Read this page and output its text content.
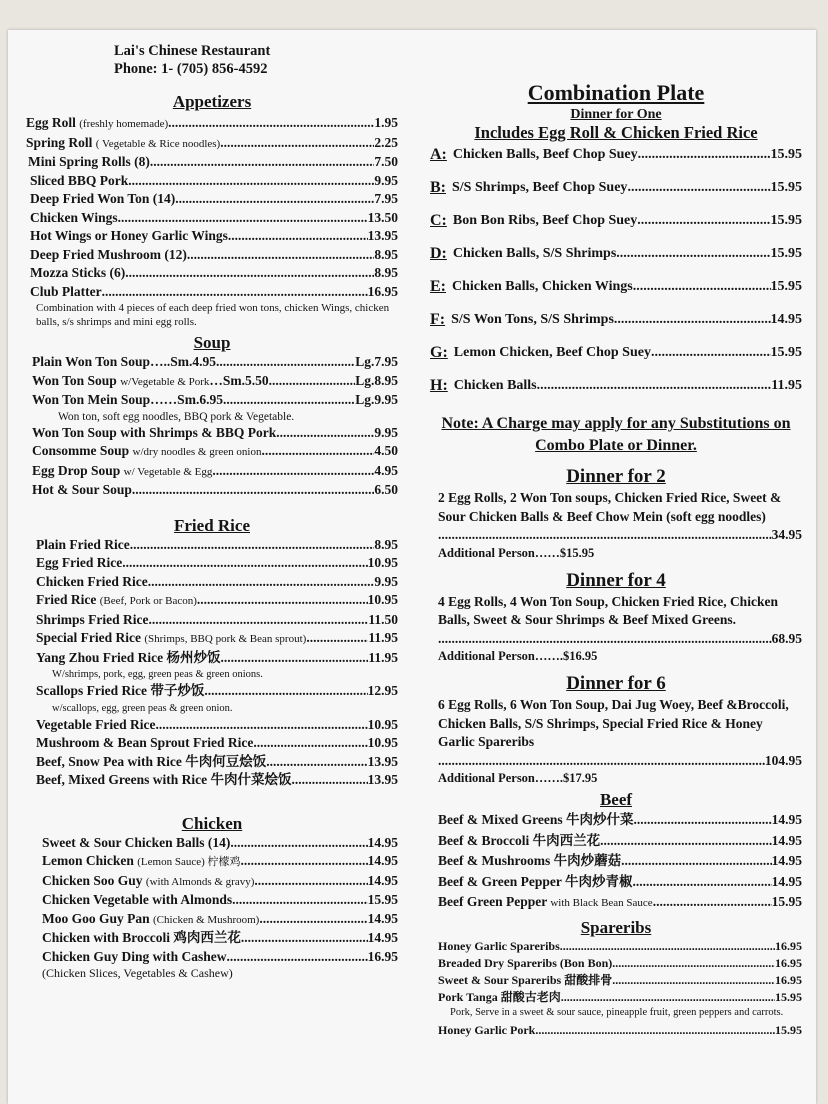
Lai's Chinese Restaurant
Phone: 1- (705) 856-4592
Appetizers
Egg Roll (freshly homemade) .....	1.95
Spring Roll ( Vegetable & Rice noodles) .....	2.25
Mini Spring Rolls (8) .....	7.50
Sliced BBQ Pork .....	9.95
Deep Fried Won Ton (14) .....	7.95
Chicken Wings .....	13.50
Hot Wings or Honey Garlic Wings .....	13.95
Deep Fried Mushroom (12) .....	8.95
Mozza Sticks (6) .....	8.95
Club Platter .....	16.95
Combination with 4 pieces of each deep fried won tons, chicken Wings, chicken balls, s/s shrimps and mini egg rolls.
Soup
Plain Won Ton Soup…..Sm.4.95 .....	Lg.7.95
Won Ton Soup w/Vegetable & Pork…Sm.5.50 .....	Lg.8.95
Won Ton Mein Soup……Sm.6.95 .....	Lg.9.95
Won ton, soft egg noodles, BBQ pork & Vegetable.
Won Ton Soup with Shrimps & BBQ Pork .....	9.95
Consomme Soup w/dry noodles & green onion .....	4.50
Egg Drop Soup w/ Vegetable & Egg .....	4.95
Hot & Sour Soup .....	6.50
Fried Rice
Plain Fried Rice .....	8.95
Egg Fried Rice .....	10.95
Chicken Fried Rice .....	9.95
Fried Rice (Beef, Pork or Bacon) .....	10.95
Shrimps Fried Rice .....	11.50
Special Fried Rice (Shrimps, BBQ pork & Bean sprout) .....	11.95
Yang Zhou Fried Rice 杨州炒饭 .....	11.95
W/shrimps, pork, egg, green peas & green onions.
Scallops Fried Rice 带子炒饭 .....	12.95
w/scallops, egg, green peas & green onion.
Vegetable Fried Rice .....	10.95
Mushroom & Bean Sprout Fried Rice .....	10.95
Beef, Snow Pea with Rice 牛肉何豆烩饭 .....	13.95
Beef, Mixed Greens with Rice 牛肉什菜烩饭 .....	13.95
Chicken
Sweet & Sour Chicken Balls (14) .....	14.95
Lemon Chicken (Lemon Sauce) 柠檬鸡 .....	14.95
Chicken Soo Guy (with Almonds & gravy) .....	14.95
Chicken Vegetable with Almonds .....	15.95
Moo Goo Guy Pan (Chicken & Mushroom) .....	14.95
Chicken with Broccoli 鸡肉西兰花 .....	14.95
Chicken Guy Ding with Cashew .....	16.95
(Chicken Slices, Vegetables & Cashew)
Combination Plate
Dinner for One
Includes Egg Roll & Chicken Fried Rice
A: Chicken Balls, Beef Chop Suey .....	15.95
B: S/S Shrimps, Beef Chop Suey .....	15.95
C: Bon Bon Ribs, Beef Chop Suey .....	15.95
D: Chicken Balls, S/S Shrimps .....	15.95
E: Chicken Balls, Chicken Wings .....	15.95
F: S/S Won Tons, S/S Shrimps .....	14.95
G: Lemon Chicken, Beef Chop Suey .....	15.95
H: Chicken Balls .....	11.95
Note: A Charge may apply for any Substitutions on Combo Plate or Dinner.
Dinner for 2
2 Egg Rolls, 2 Won Ton soups, Chicken Fried Rice, Sweet & Sour Chicken Balls & Beef Chow Mein (soft egg noodles)
.....
34.95
Additional Person……$15.95
Dinner for 4
4 Egg Rolls, 4 Won Ton Soup, Chicken Fried Rice, Chicken Balls, Sweet & Sour Shrimps & Beef Mixed Greens.
.....
68.95
Additional Person…….$16.95
Dinner for 6
6 Egg Rolls, 6 Won Ton Soup, Dai Jug Woey, Beef &Broccoli, Chicken Balls, S/S Shrimps, Special Fried Rice & Honey Garlic Spareribs
.....
104.95
Additional Person…….$17.95
Beef
Beef & Mixed Greens 牛肉炒什菜 .....	14.95
Beef & Broccoli 牛肉西兰花 .....	14.95
Beef & Mushrooms 牛肉炒蘑菇 .....	14.95
Beef & Green Pepper 牛肉炒青椒 .....	14.95
Beef Green Pepper with Black Bean Sauce .....	15.95
Spareribs
Honey Garlic Spareribs .....	16.95
Breaded Dry Spareribs (Bon Bon) .....	16.95
Sweet & Sour Spareribs 甜酸排骨 .....	16.95
Pork Tanga 甜酸古老肉 .....	15.95
Pork, Serve in a sweet & sour sauce, pineapple fruit, green peppers and carrots.
Honey Garlic Pork .....	15.95
